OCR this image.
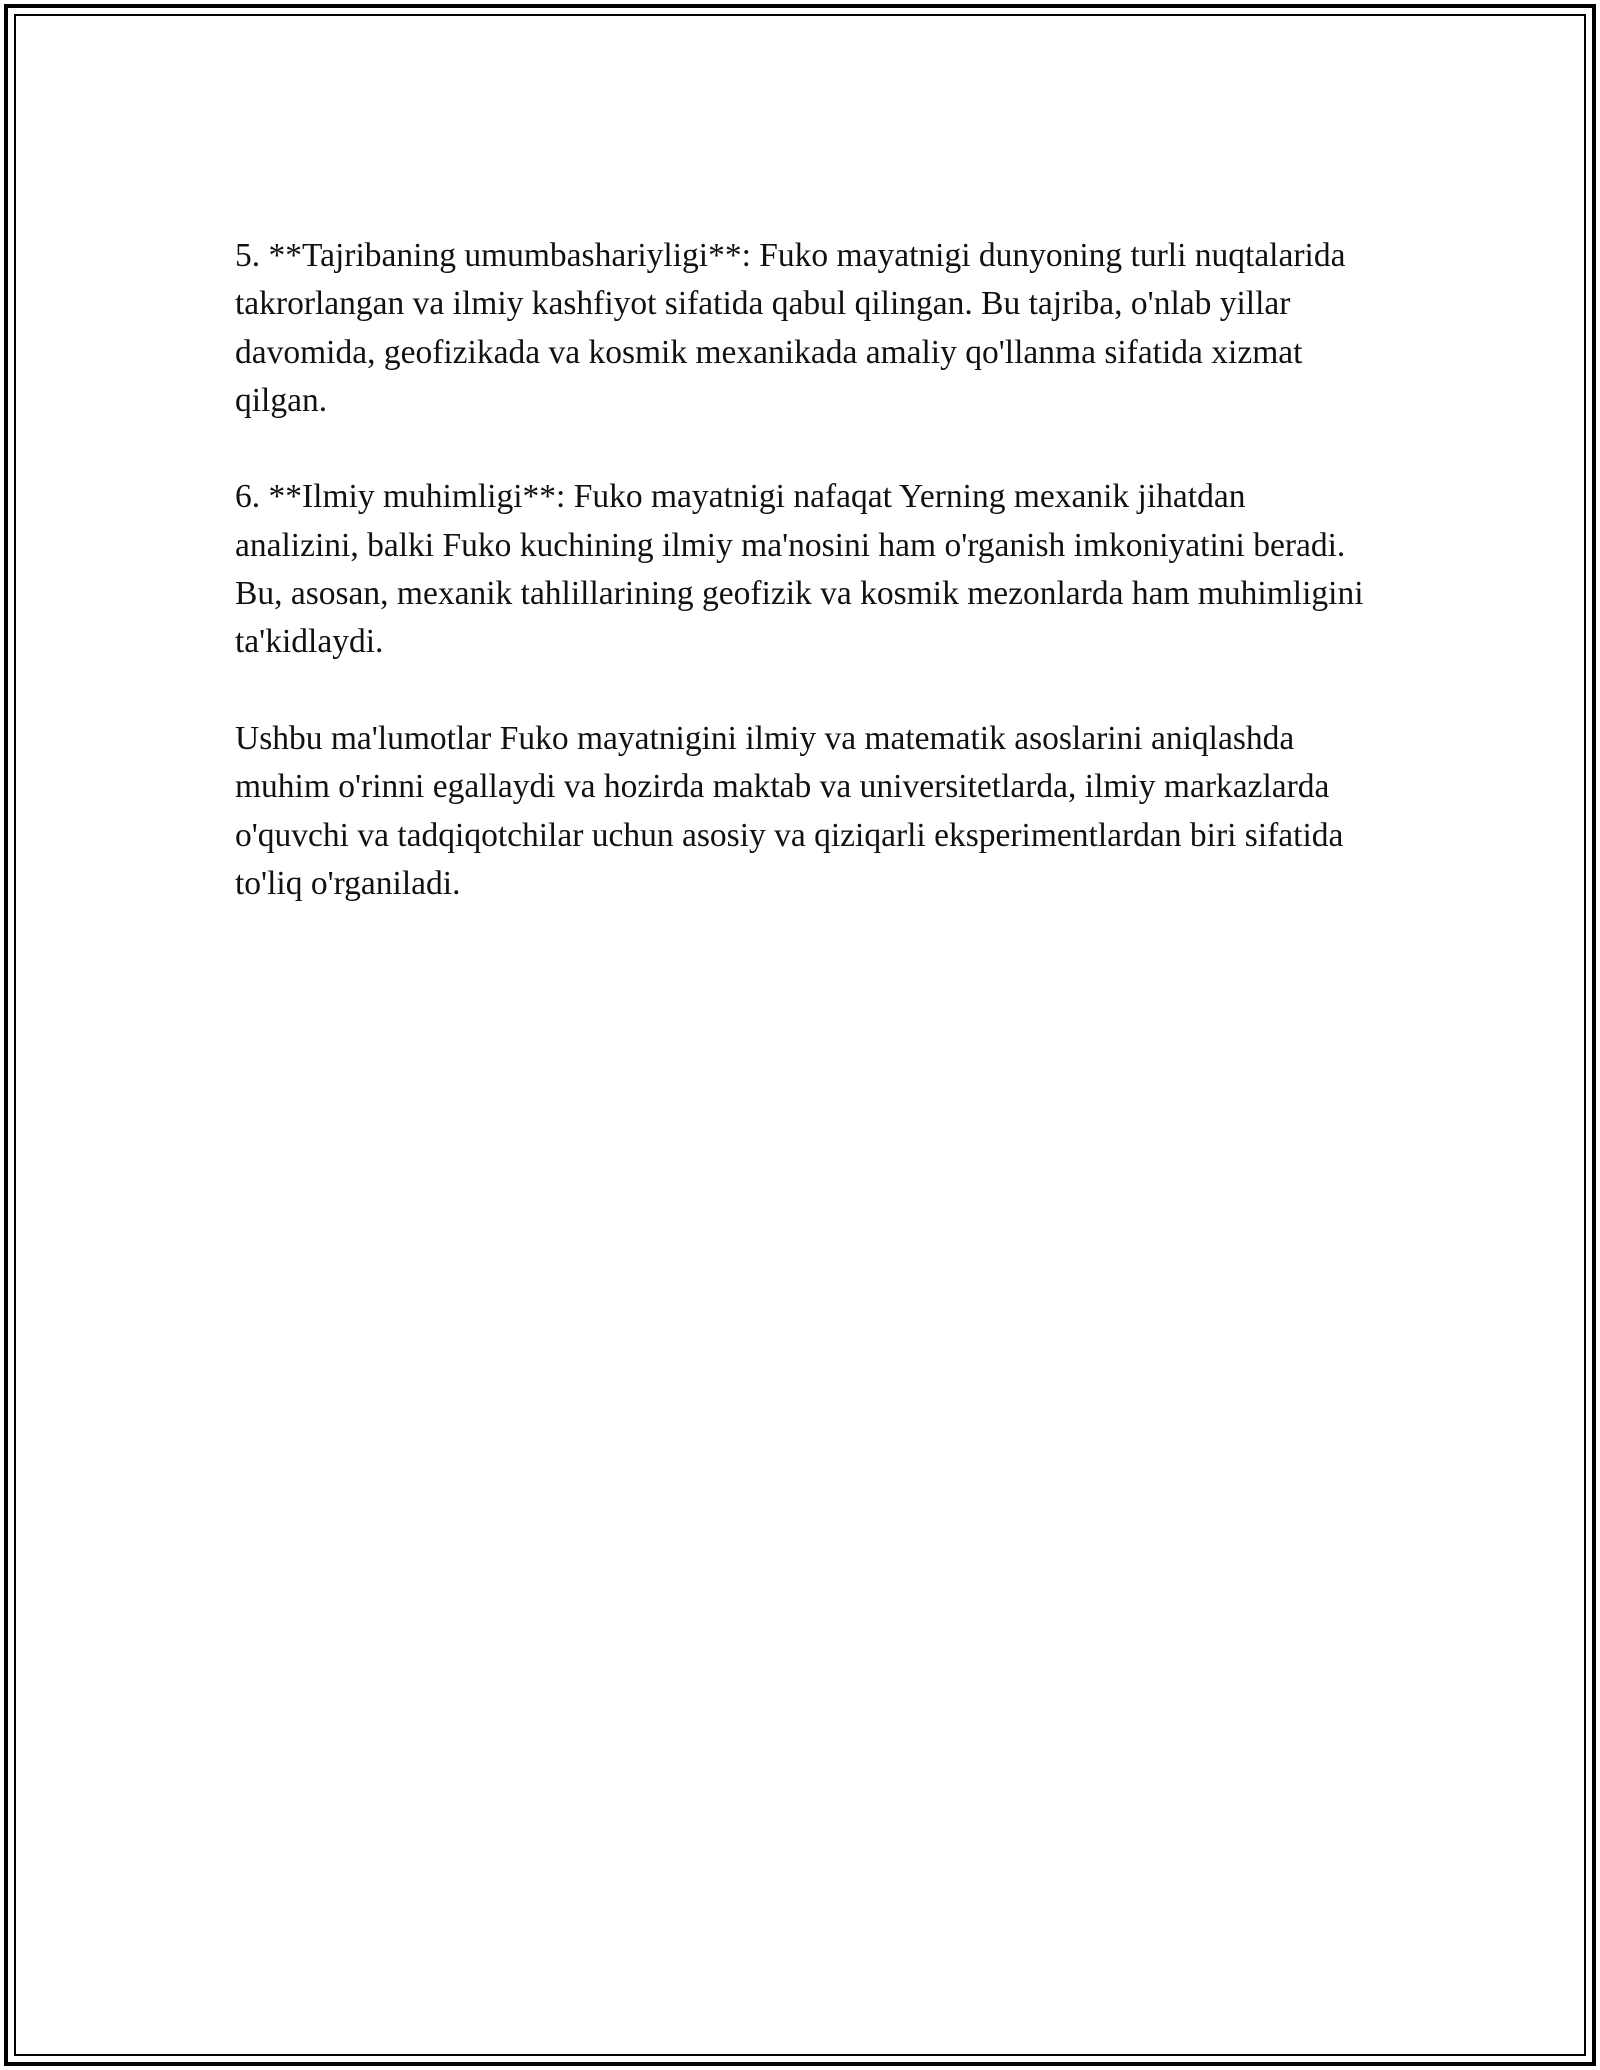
5. **Tajribaning umumbashariyligi**: Fuko mayatnigi dunyoning turli nuqtalarida takrorlangan va ilmiy kashfiyot sifatida qabul qilingan. Bu tajriba, o'nlab yillar davomida, geofizikada va kosmik mexanikada amaliy qo'llanma sifatida xizmat qilgan.

6. **Ilmiy muhimligi**: Fuko mayatnigi nafaqat Yerning mexanik jihatdan analizini, balki Fuko kuchining ilmiy ma'nosini ham o'rganish imkoniyatini beradi. Bu, asosan, mexanik tahlillarining geofizik va kosmik mezonlarda ham muhimligini ta'kidlaydi.

Ushbu ma'lumotlar Fuko mayatnigini ilmiy va matematik asoslarini aniqlashda muhim o'rinni egallaydi va hozirda maktab va universitetlarda, ilmiy markazlarda o'quvchi va tadqiqotchilar uchun asosiy va qiziqarli eksperimentlardan biri sifatida to'liq o'rganiladi.
